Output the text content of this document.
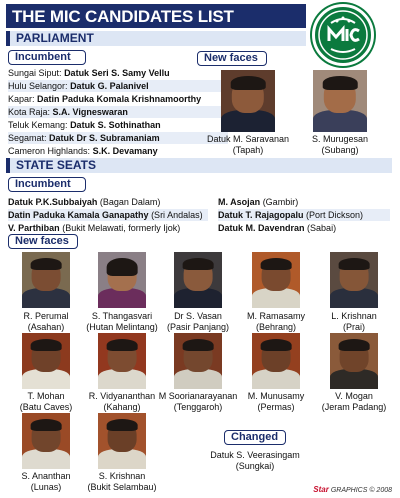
THE MIC CANDIDATES LIST
PARLIAMENT
Incumbent
Sungai Siput: Datuk Seri S. Samy Vellu
Hulu Selangor: Datuk G. Palanivel
Kapar: Datin Paduka Komala Krishnamoorthy
Kota Raja: S.A. Vigneswaran
Teluk Kemang: Datuk S. Sothinathan
Segamat: Datuk Dr S. Subramaniam
Cameron Highlands: S.K. Devamany
New faces
Datuk M. Saravanan
(Tapah)
S. Murugesan
(Subang)
STATE SEATS
Incumbent
Datuk P.K.Subbaiyah (Bagan Dalam)
Datin Paduka Kamala Ganapathy (Sri Andalas)
V. Parthiban (Bukit Melawati, formerly Ijok)
M. Asojan (Gambir)
Datuk T. Rajagopalu (Port Dickson)
Datuk M. Davendran (Sabai)
New faces
R. Perumal
(Asahan)
S. Thangasvari
(Hutan Melintang)
Dr S. Vasan
(Pasir Panjang)
M. Ramasamy
(Behrang)
L. Krishnan
(Prai)
T. Mohan
(Batu Caves)
R. Vidyananthan
(Kahang)
M Soorianarayanan
(Tenggaroh)
M. Munusamy
(Permas)
V. Mogan
(Jeram Padang)
S. Ananthan
(Lunas)
S. Krishnan
(Bukit Selambau)
Changed
Datuk S. Veerasingam
(Sungkai)
Star GRAPHICS © 2008
